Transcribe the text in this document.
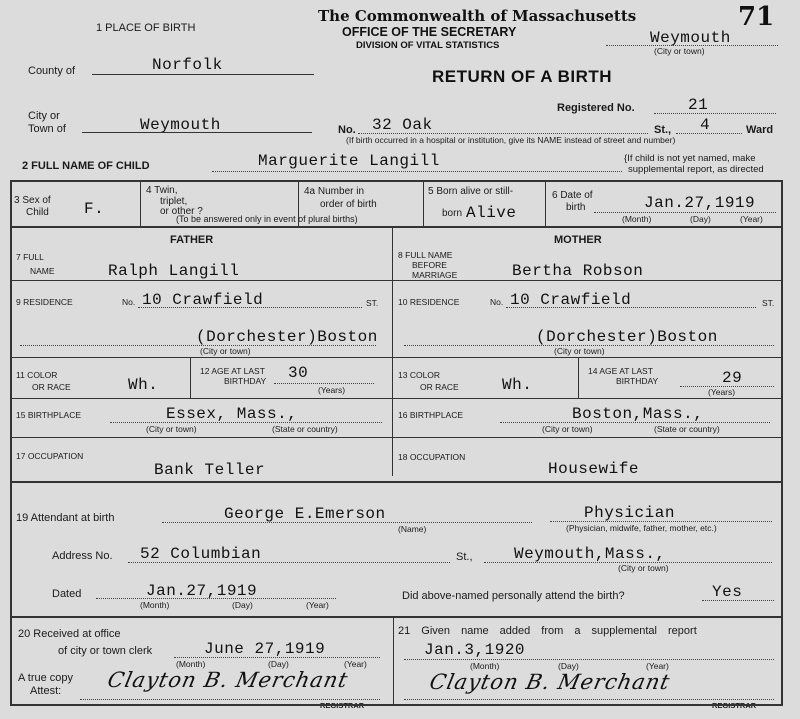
71
The Commonwealth of Massachusetts
OFFICE OF THE SECRETARY
DIVISION OF VITAL STATISTICS	Weymouth
(City or town)
RETURN OF A BIRTH
1 PLACE OF BIRTH
County of	Norfolk
City or
Town of	Weymouth	No. 32 Oak	St., 4	Ward
(If birth occurred in a hospital or institution, give its NAME instead of street and number)
Registered No.	21
2 FULL NAME OF CHILD	Marguerite Langill	{If child is not yet named, make
supplemental report, as directed
3 Sex of
Child F.
4 Twin,
triplet,
or other ?
(To be answered only in event of plural births)
4a Number in
order of birth
5 Born alive or still-
born Alive
6 Date of
birth	Jan.27,1919
(Month)	(Day)	(Year)
FATHER	MOTHER
7 FULL
NAME	Ralph Langill
8 FULL NAME
BEFORE
MARRIAGE	Bertha Robson
9 RESIDENCE	No. 10 Crawfield	ST.
(Dorchester)Boston
(City or town)
10 RESIDENCE	No. 10 Crawfield	ST.
(Dorchester)Boston
(City or town)
11 COLOR
OR RACE	Wh.
12 AGE AT LAST
BIRTHDAY 30
(Years)
13 COLOR
OR RACE	Wh.
14 AGE AT LAST
BIRTHDAY	29
(Years)
15 BIRTHPLACE	Essex, Mass.,
(City or town)	(State or country)
16 BIRTHPLACE	Boston,Mass.,
(City or town)	(State or country)
17 OCCUPATION
Bank Teller
18 OCCUPATION
Housewife
19 Attendant at birth	George E.Emerson
(Name)
Physician
(Physician, midwife, father, mother, etc.)
Address No. 52 Columbian	St.,	Weymouth,Mass.,
(City or town)
Dated	Jan.27,1919
(Month)	(Day)	(Year)
Did above-named personally attend the birth?	Yes
20 Received at office
of city or town clerk	June 27,1919
(Month)	(Day)	(Year)
A true copy
Attest: Clayton B. Merchant
REGISTRAR
21 Given name added from a supplemental report
Jan.3,1920
(Month)	(Day)	(Year)
Clayton B. Merchant
REGISTRAR
